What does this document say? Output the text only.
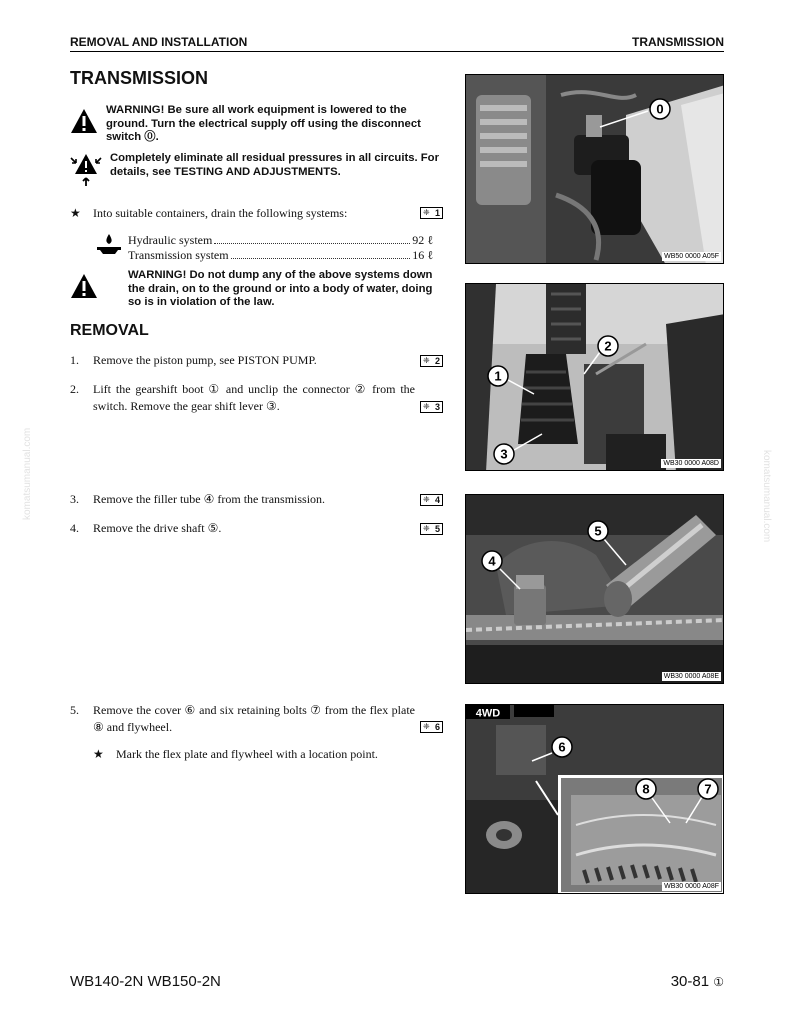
REMOVAL AND INSTALLATION	TRANSMISSION
TRANSMISSION
WARNING! Be sure all work equipment is lowered to the ground. Turn the electrical supply off using the disconnect switch ⓪.
Completely eliminate all residual pressures in all circuits. For details, see TESTING AND ADJUSTMENTS.
★ Into suitable containers, drain the following systems:	❈ 1
Hydraulic system	92 ℓ
Transmission system	16 ℓ
WARNING! Do not dump any of the above systems down the drain, on to the ground or into a body of water, doing so is in violation of the law.
REMOVAL
1. Remove the piston pump, see PISTON PUMP.	❈ 2
2. Lift the gearshift boot ① and unclip the connector ② from the switch. Remove the gear shift lever ③.	❈ 3
3. Remove the filler tube ④ from the transmission.	❈ 4
4. Remove the drive shaft ⑤.	❈ 5
5. Remove the cover ⑥ and six retaining bolts ⑦ from the flex plate ⑧ and flywheel.	❈ 6
★ Mark the flex plate and flywheel with a location point.
0
WB50 0000 A05F
1
2
3
WB30 0000 A08D
4
5
WB30 0000 A08E
4WD
6
7
8
WB30 0000 A08F
komatsumanual.com	komatsumanual.com
WB140-2N WB150-2N	30-81 ①
